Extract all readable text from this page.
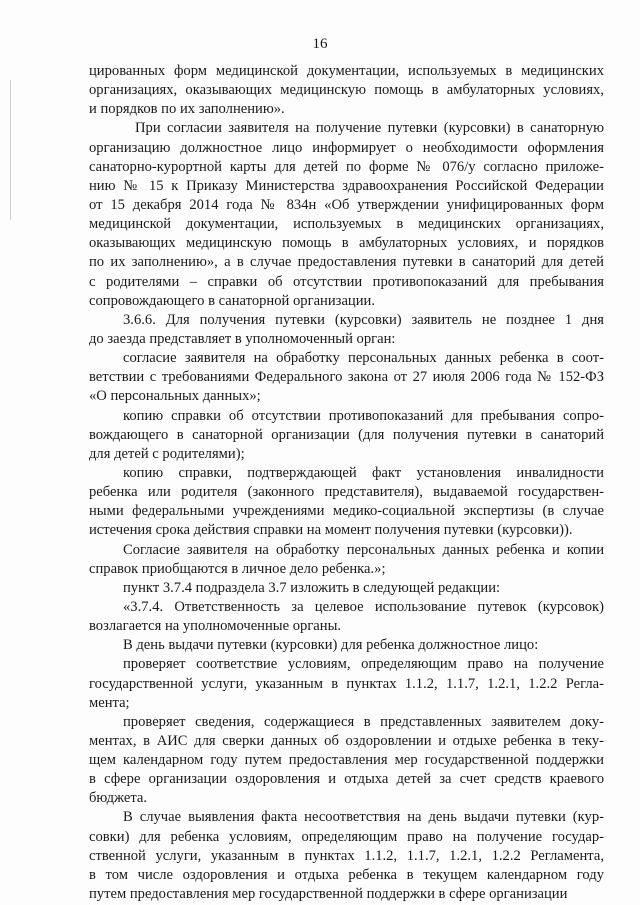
16
цированных форм медицинской документации, используемых в медицинских
организациях, оказывающих медицинскую помощь в амбулаторных условиях,
и порядков по их заполнению».
При согласии заявителя на получение путевки (курсовки) в санаторную
организацию должностное лицо информирует о необходимости оформления
санаторно-курортной карты для детей по форме № 076/у согласно приложе-
нию № 15 к Приказу Министерства здравоохранения Российской Федерации
от 15 декабря 2014 года № 834н «Об утверждении унифицированных форм
медицинской документации, используемых в медицинских организациях,
оказывающих медицинскую помощь в амбулаторных условиях, и порядков
по их заполнению», а в случае предоставления путевки в санаторий для детей
с родителями – справки об отсутствии противопоказаний для пребывания
сопровождающего в санаторной организации.
3.6.6. Для получения путевки (курсовки) заявитель не позднее 1 дня
до заезда представляет в уполномоченный орган:
согласие заявителя на обработку персональных данных ребенка в соот-
ветствии с требованиями Федерального закона от 27 июля 2006 года № 152-ФЗ
«О персональных данных»;
копию справки об отсутствии противопоказаний для пребывания сопро-
вождающего в санаторной организации (для получения путевки в санаторий
для детей с родителями);
копию справки, подтверждающей факт установления инвалидности
ребенка или родителя (законного представителя), выдаваемой государствен-
ными федеральными учреждениями медико-социальной экспертизы (в случае
истечения срока действия справки на момент получения путевки (курсовки)).
Согласие заявителя на обработку персональных данных ребенка и копии
справок приобщаются в личное дело ребенка.»;
пункт 3.7.4 подраздела 3.7 изложить в следующей редакции:
«3.7.4. Ответственность за целевое использование путевок (курсовок)
возлагается на уполномоченные органы.
В день выдачи путевки (курсовки) для ребенка должностное лицо:
проверяет соответствие условиям, определяющим право на получение
государственной услуги, указанным в пунктах 1.1.2, 1.1.7, 1.2.1, 1.2.2 Регла-
мента;
проверяет сведения, содержащиеся в представленных заявителем доку-
ментах, в АИС для сверки данных об оздоровлении и отдыхе ребенка в теку-
щем календарном году путем предоставления мер государственной поддержки
в сфере организации оздоровления и отдыха детей за счет средств краевого
бюджета.
В случае выявления факта несоответствия на день выдачи путевки (кур-
совки) для ребенка условиям, определяющим право на получение государ-
ственной услуги, указанным в пунктах 1.1.2, 1.1.7, 1.2.1, 1.2.2 Регламента,
в том числе оздоровления и отдыха ребенка в текущем календарном году
путем предоставления мер государственной поддержки в сфере организации
